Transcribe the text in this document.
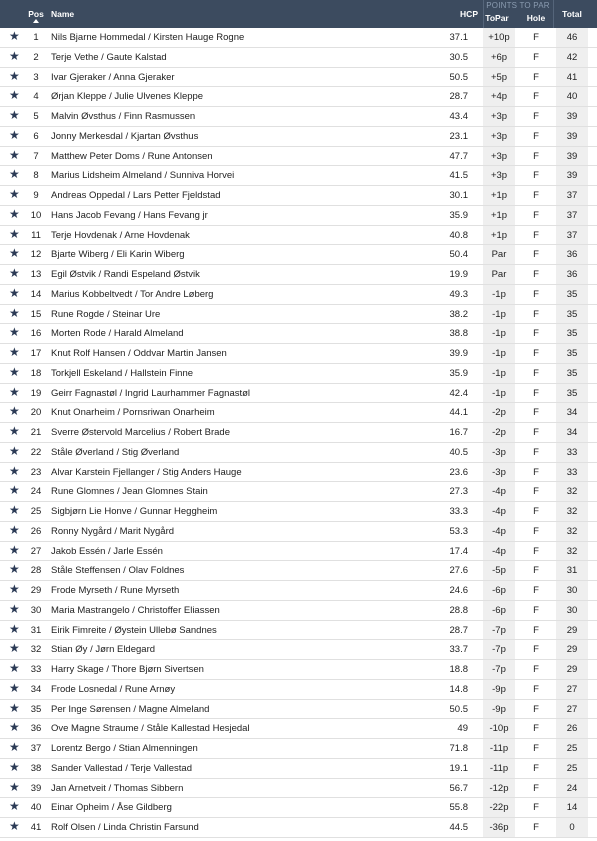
Pos Name	HCP
POINTS TO PAR
ToPar	Hole	Total
★	1	Nils Bjarne Hommedal / Kirsten Hauge Rogne	37.1	+10p	F	46
★	2	Terje Vethe / Gaute Kalstad	30.5	+6p	F	42
★	3	Ivar Gjeraker / Anna Gjeraker	50.5	+5p	F	41
★	4	Ørjan Kleppe / Julie Ulvenes Kleppe	28.7	+4p	F	40
★	5	Malvin Øvsthus / Finn Rasmussen	43.4	+3p	F	39
★	6	Jonny Merkesdal / Kjartan Øvsthus	23.1	+3p	F	39
★	7	Matthew Peter Doms / Rune Antonsen	47.7	+3p	F	39
★	8	Marius Lidsheim Almeland / Sunniva Horvei	41.5	+3p	F	39
★	9	Andreas Oppedal / Lars Petter Fjeldstad	30.1	+1p	F	37
★ 10 Hans Jacob Fevang / Hans Fevang jr	35.9	+1p	F	37
★	11	Terje Hovdenak / Arne Hovdenak	40.8	+1p	F	37
★ 12 Bjarte Wiberg / Eli Karin Wiberg	50.4	Par	F	36
★ 13 Egil Østvik / Randi Espeland Østvik	19.9	Par	F	36
★ 14 Marius Kobbeltvedt / Tor Andre Løberg	49.3	-1p	F	35
★ 15 Rune Rogde / Steinar Ure	38.2	-1p	F	35
★ 16 Morten Rode / Harald Almeland	38.8	-1p	F	35
★ 17 Knut Rolf Hansen / Oddvar Martin Jansen	39.9	-1p	F	35
★ 18 Torkjell Eskeland / Hallstein Finne	35.9	-1p	F	35
★ 19 Geirr Fagnastøl / Ingrid Laurhammer Fagnastøl	42.4	-1p	F	35
★ 20 Knut Onarheim / Pornsriwan Onarheim	44.1	-2p	F	34
★ 21 Sverre Østervold Marcelius / Robert Brade	16.7	-2p	F	34
★ 22 Ståle Øverland / Stig Øverland	40.5	-3p	F	33
★ 23 Alvar Karstein Fjellanger / Stig Anders Hauge	23.6	-3p	F	33
★ 24 Rune Glomnes / Jean Glomnes Stain	27.3	-4p	F	32
★ 25 Sigbjørn Lie Honve / Gunnar Heggheim	33.3	-4p	F	32
★ 26 Ronny Nygård / Marit Nygård	53.3	-4p	F	32
★ 27 Jakob Essén / Jarle Essén	17.4	-4p	F	32
★ 28 Ståle Steffensen / Olav Foldnes	27.6	-5p	F	31
★ 29 Frode Myrseth / Rune Myrseth	24.6	-6p	F	30
★ 30 Maria Mastrangelo / Christoffer Eliassen	28.8	-6p	F	30
★ 31 Eirik Fimreite / Øystein Ullebø Sandnes	28.7	-7p	F	29
★ 32 Stian Øy / Jørn Eldegard	33.7	-7p	F	29
★ 33 Harry Skage / Thore Bjørn Sivertsen	18.8	-7p	F	29
★ 34 Frode Losnedal / Rune Arnøy	14.8	-9p	F	27
★ 35 Per Inge Sørensen / Magne Almeland	50.5	-9p	F	27
★ 36 Ove Magne Straume / Ståle Kallestad Hesjedal	49	-10p	F	26
★ 37 Lorentz Bergo / Stian Almenningen	71.8	-11p	F	25
★ 38 Sander Vallestad / Terje Vallestad	19.1	-11p	F	25
★ 39 Jan Arnetveit / Thomas Sibbern	56.7	-12p	F	24
★ 40 Einar Opheim / Åse Gildberg	55.8	-22p	F	14
★ 41 Rolf Olsen / Linda Christin Farsund	44.5	-36p	F	0
